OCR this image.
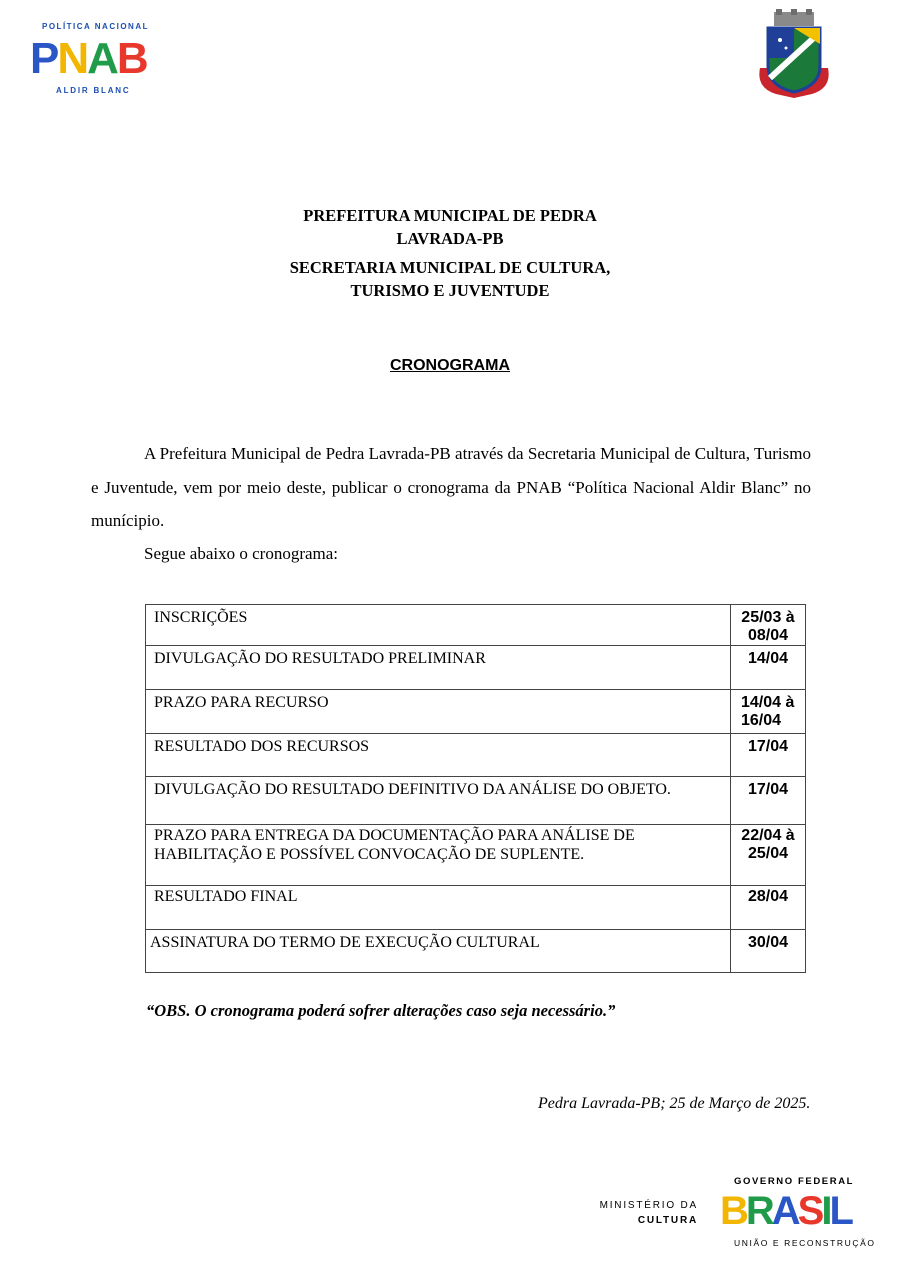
POLÍTICA NACIONAL
P N A B
ALDIR BLANC
PREFEITURA MUNICIPAL DE PEDRA
LAVRADA-PB
SECRETARIA MUNICIPAL DE CULTURA,
TURISMO E JUVENTUDE
CRONOGRAMA
A Prefeitura Municipal de Pedra Lavrada-PB através da Secretaria Municipal de Cultura, Turismo e Juventude, vem por meio deste, publicar o cronograma da PNAB “Política Nacional Aldir Blanc” no munícipio.
Segue abaixo o cronograma:
INSCRIÇÕES	25/03 à 08/04
DIVULGAÇÃO DO RESULTADO PRELIMINAR	14/04
PRAZO PARA RECURSO	14/04 à 16/04
RESULTADO DOS RECURSOS	17/04
DIVULGAÇÃO DO RESULTADO DEFINITIVO DA ANÁLISE DO OBJETO.	17/04
PRAZO PARA ENTREGA DA DOCUMENTAÇÃO PARA ANÁLISE DE HABILITAÇÃO E POSSÍVEL CONVOCAÇÃO DE SUPLENTE.	22/04 à 25/04
RESULTADO FINAL	28/04
ASSINATURA DO TERMO DE EXECUÇÃO CULTURAL	30/04
“OBS. O cronograma poderá sofrer alterações caso seja necessário.”
Pedra Lavrada-PB; 25 de Março de 2025.
MINISTÉRIO DA
CULTURA
GOVERNO FEDERAL
B R A S I L
UNIÃO E RECONSTRUÇÃO
